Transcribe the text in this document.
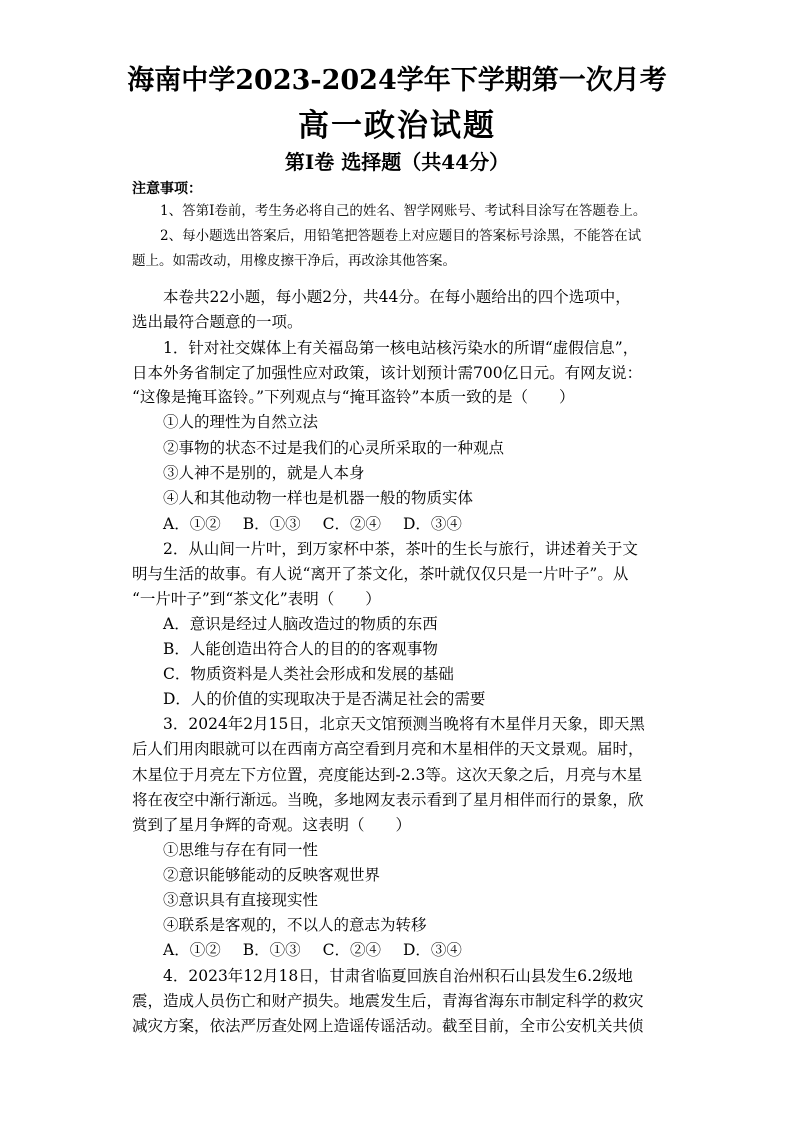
海南中学2023-2024学年下学期第一次月考
高一政治试题
第Ⅰ卷 选择题（共44分）
注意事项：
1、答第Ⅰ卷前，考生务必将自己的姓名、智学网账号、考试科目涂写在答题卷上。
2、每小题选出答案后，用铅笔把答题卷上对应题目的答案标号涂黑，不能答在试
题上。如需改动，用橡皮擦干净后，再改涂其他答案。
本卷共22小题，每小题2分，共44分。在每小题给出的四个选项中，
选出最符合题意的一项。
1．针对社交媒体上有关福岛第一核电站核污染水的所谓“虚假信息”，
日本外务省制定了加强性应对政策，该计划预计需700亿日元。有网友说：
“这像是掩耳盗铃。”下列观点与“掩耳盗铃”本质一致的是（　　）
①人的理性为自然立法
②事物的状态不过是我们的心灵所采取的一种观点
③人神不是别的，就是人本身
④人和其他动物一样也是机器一般的物质实体
A．①② B．①③ C．②④ D．③④
2．从山间一片叶，到万家杯中茶，茶叶的生长与旅行，讲述着关于文
明与生活的故事。有人说“离开了茶文化，茶叶就仅仅只是一片叶子”。从
“一片叶子”到“茶文化”表明（　　）
A．意识是经过人脑改造过的物质的东西
B．人能创造出符合人的目的的客观事物
C．物质资料是人类社会形成和发展的基础
D．人的价值的实现取决于是否满足社会的需要
3．2024年2月15日，北京天文馆预测当晚将有木星伴月天象，即天黑
后人们用肉眼就可以在西南方高空看到月亮和木星相伴的天文景观。届时，
木星位于月亮左下方位置，亮度能达到-2.3等。这次天象之后，月亮与木星
将在夜空中渐行渐远。当晚，多地网友表示看到了星月相伴而行的景象，欣
赏到了星月争辉的奇观。这表明（　　）
①思维与存在有同一性
②意识能够能动的反映客观世界
③意识具有直接现实性
④联系是客观的，不以人的意志为转移
A．①② B．①③ C．②④ D．③④
4．2023年12月18日，甘肃省临夏回族自治州积石山县发生6.2级地
震，造成人员伤亡和财产损失。地震发生后，青海省海东市制定科学的救灾
减灾方案，依法严厉查处网上造谣传谣活动。截至目前，全市公安机关共侦
